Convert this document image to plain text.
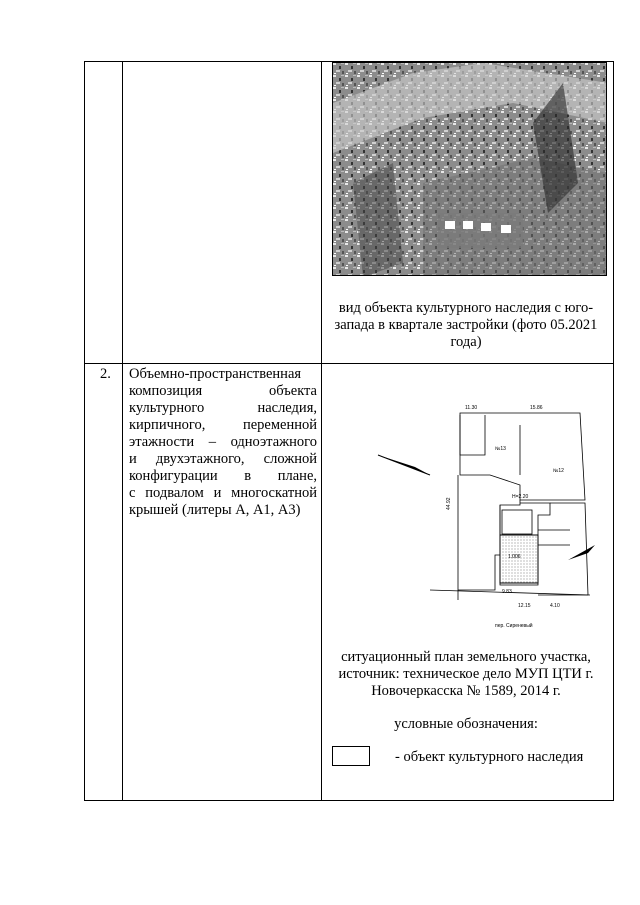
вид объекта культурного наследия с юго-запада в квартале застройки (фото 05.2021 года)
2. Объемно-пространственная
композиция объекта
культурного наследия,
кирпичного, переменной
этажности – одноэтажного
и двухэтажного, сложной
конфигурации в плане,
с подвалом и многоскатной
крышей (литеры А, А1, А3)
11.30	15.86
№13
№12
12.15	4.10
9.83
44.92
пер. Сиреневый
1.006
Н=2.20
ситуационный план земельного участка, источник: техническое дело МУП ЦТИ г. Новочеркасска № 1589, 2014 г.
условные обозначения:
- объект культурного наследия
